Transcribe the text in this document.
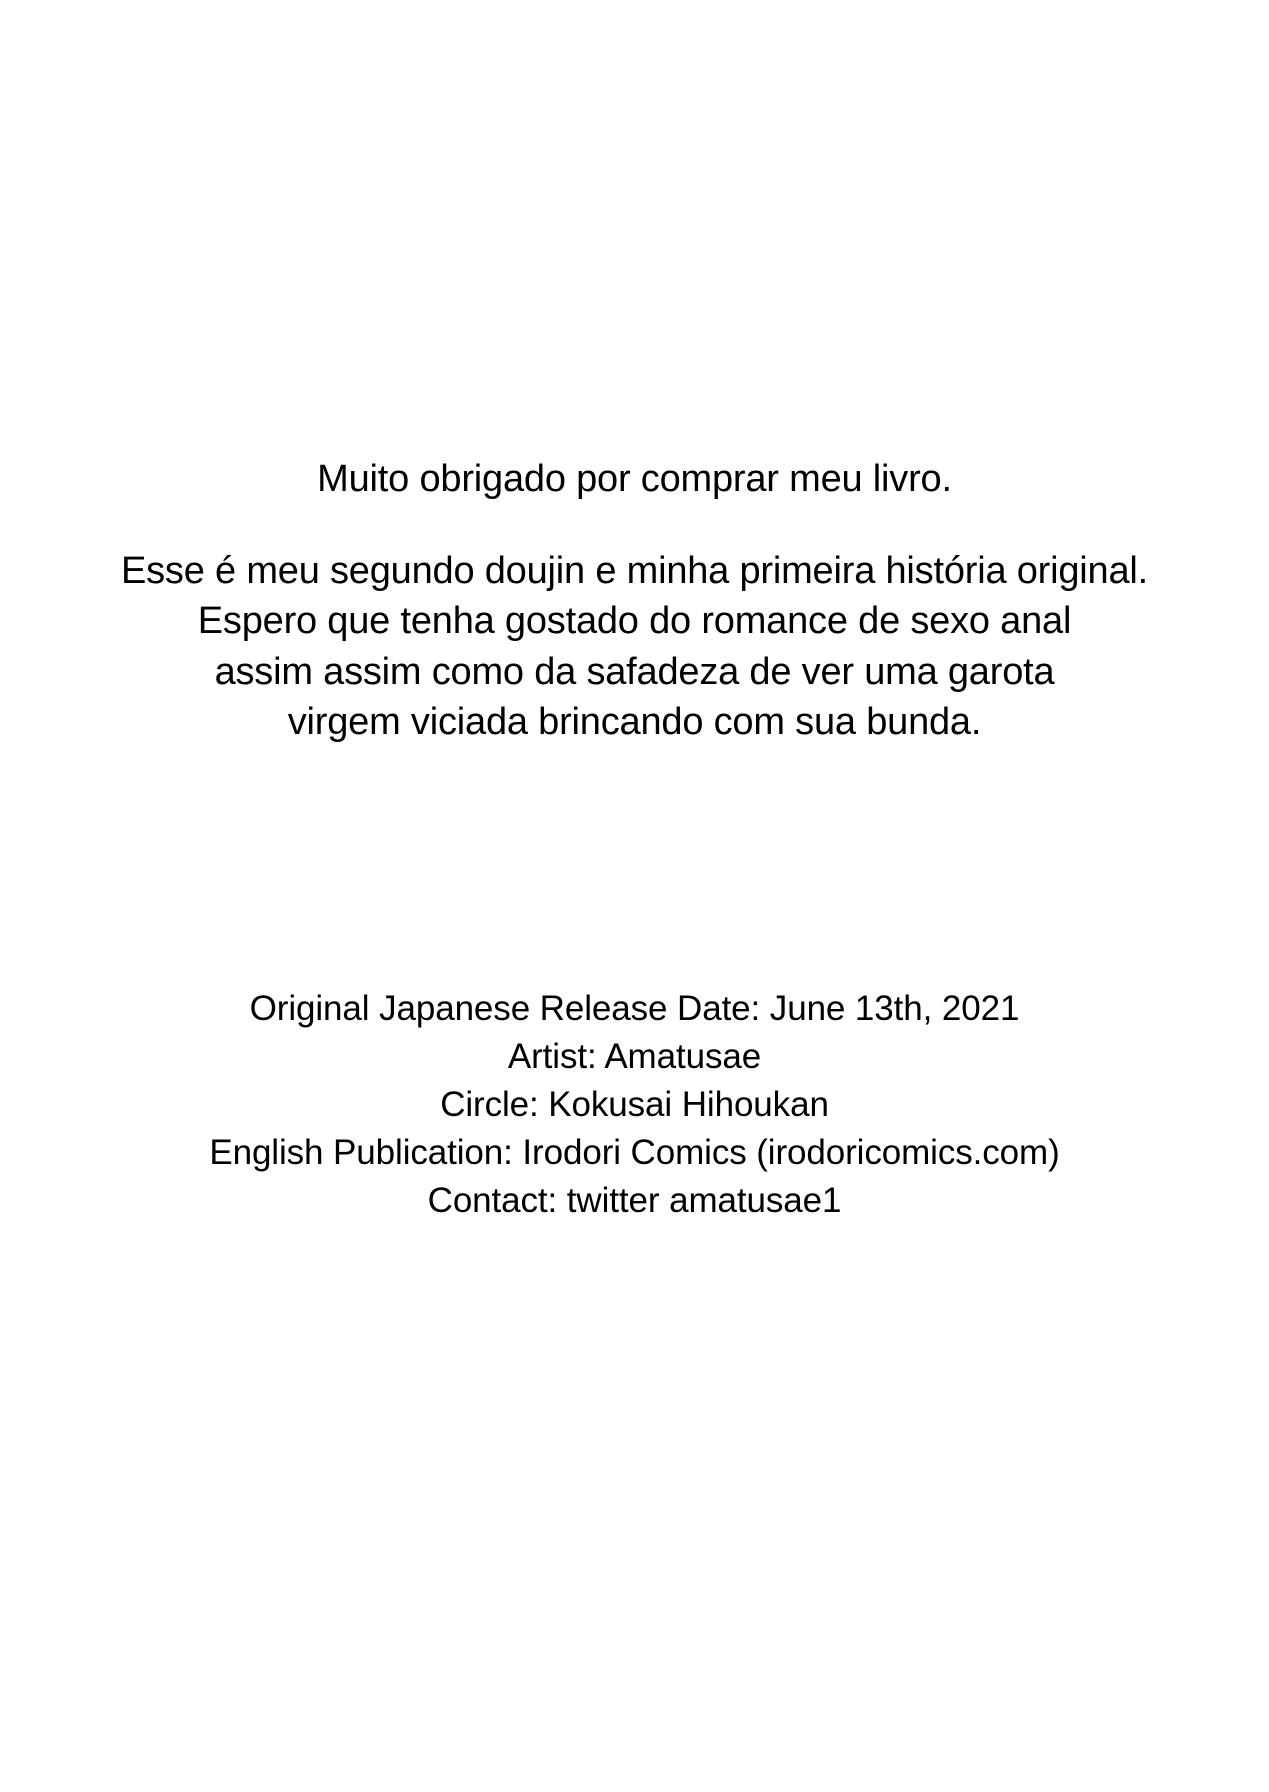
Muito obrigado por comprar meu livro.

Esse é meu segundo doujin e minha primeira história original.
Espero que tenha gostado do romance de sexo anal
assim assim como da safadeza de ver uma garota
virgem viciada brincando com sua bunda.

Original Japanese Release Date: June 13th, 2021
Artist: Amatusae
Circle: Kokusai Hihoukan
English Publication: Irodori Comics (irodoricomics.com)
Contact: twitter amatusae1
